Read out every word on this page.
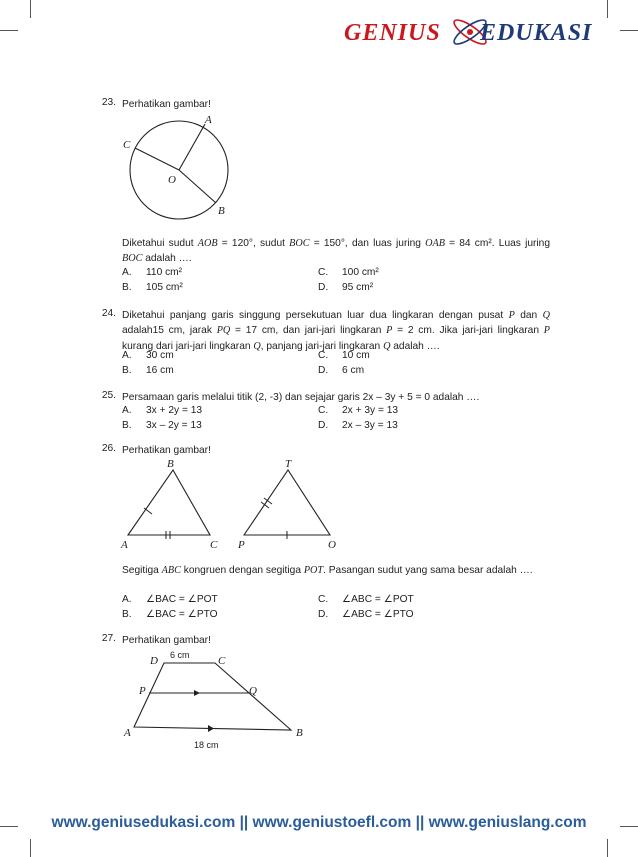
GENIUS EDUKASI
23. Perhatikan gambar!
A
C
O
B
Diketahui sudut AOB = 120°, sudut BOC = 150°, dan luas juring OAB = 84 cm². Luas juring BOC adalah ….
A. 110 cm²
B. 105 cm²
C. 100 cm²
D. 95 cm²
24. Diketahui panjang garis singgung persekutuan luar dua lingkaran dengan pusat P dan Q adalah15 cm, jarak PQ = 17 cm, dan jari-jari lingkaran P = 2 cm. Jika jari-jari lingkaran P kurang dari jari-jari lingkaran Q, panjang jari-jari lingkaran Q adalah ….
A. 30 cm
B. 16 cm
C. 10 cm
D. 6 cm
25. Persamaan garis melalui titik (2, -3) dan sejajar garis 2x – 3y + 5 = 0 adalah ….
A. 3x + 2y = 13
B. 3x – 2y = 13
C. 2x + 3y = 13
D. 2x – 3y = 13
26. Perhatikan gambar!
B
A	C
T
P	O
Segitiga ABC kongruen dengan segitiga POT. Pasangan sudut yang sama besar adalah ….
A. ∠BAC = ∠POT
B. ∠BAC = ∠PTO
C. ∠ABC = ∠POT
D. ∠ABC = ∠PTO
27. Perhatikan gambar!
D	C
6 cm
P	Q
A	B
18 cm
www.geniusedukasi.com || www.geniustoefl.com || www.geniuslang.com
